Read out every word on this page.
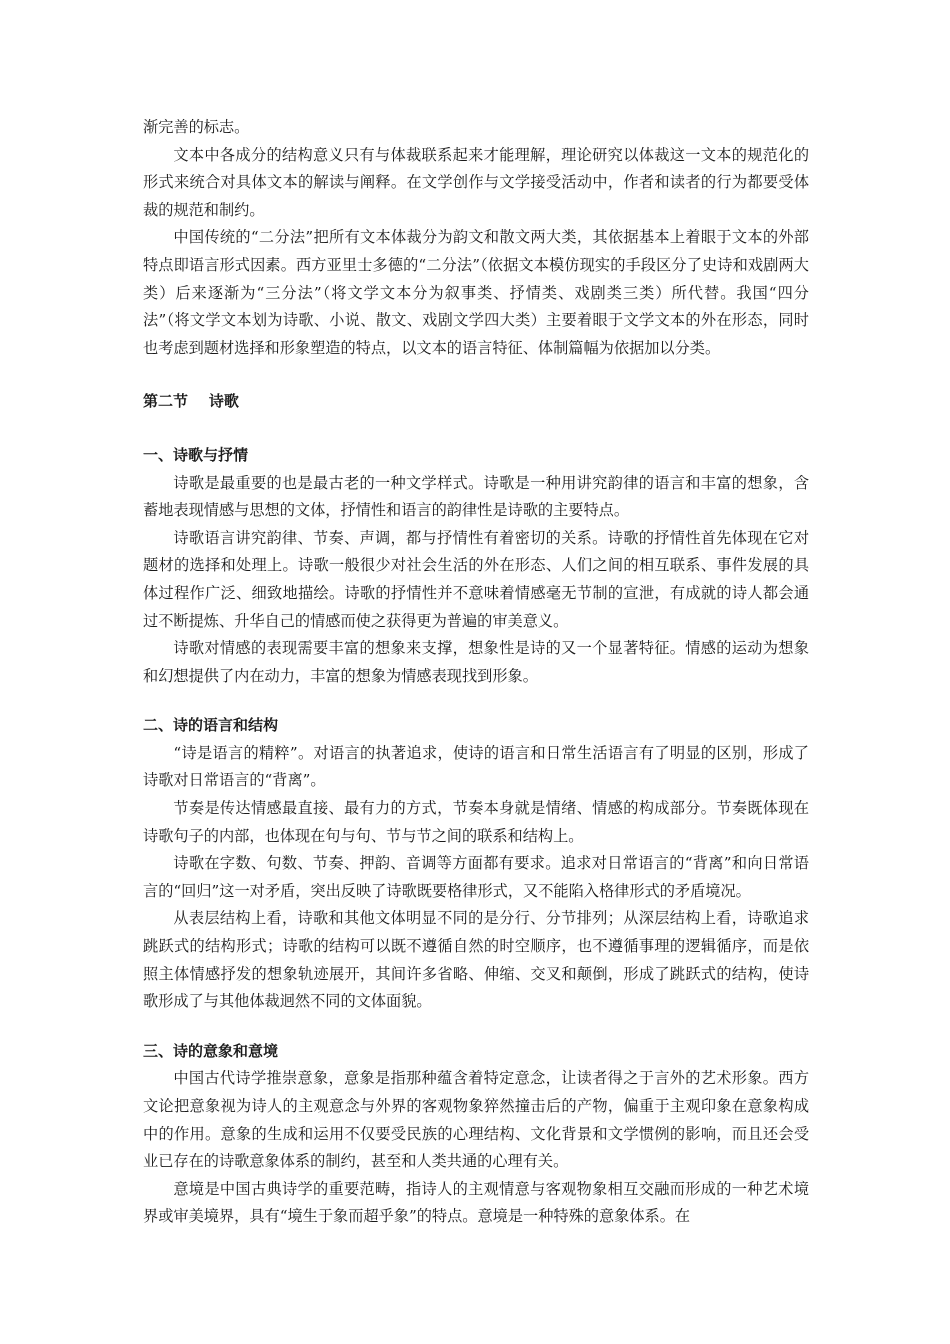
渐完善的标志。

文本中各成分的结构意义只有与体裁联系起来才能理解，理论研究以体裁这一文本的规范化的形式来统合对具体文本的解读与阐释。在文学创作与文学接受活动中，作者和读者的行为都要受体裁的规范和制约。

中国传统的“二分法”把所有文本体裁分为韵文和散文两大类，其依据基本上着眼于文本的外部特点即语言形式因素。西方亚里士多德的“二分法”（依据文本模仿现实的手段区分了史诗和戏剧两大类）后来逐渐为“三分法”（将文学文本分为叙事类、抒情类、戏剧类三类）所代替。我国“四分法”（将文学文本划为诗歌、小说、散文、戏剧文学四大类）主要着眼于文学文本的外在形态，同时也考虑到题材选择和形象塑造的特点，以文本的语言特征、体制篇幅为依据加以分类。

第二节    诗歌
一、诗歌与抒情

诗歌是最重要的也是最古老的一种文学样式。诗歌是一种用讲究韵律的语言和丰富的想象，含蓄地表现情感与思想的文体，抒情性和语言的韵律性是诗歌的主要特点。

诗歌语言讲究韵律、节奏、声调，都与抒情性有着密切的关系。诗歌的抒情性首先体现在它对题材的选择和处理上。诗歌一般很少对社会生活的外在形态、人们之间的相互联系、事件发展的具体过程作广泛、细致地描绘。诗歌的抒情性并不意味着情感毫无节制的宣泄，有成就的诗人都会通过不断提炼、升华自己的情感而使之获得更为普遍的审美意义。

诗歌对情感的表现需要丰富的想象来支撑，想象性是诗的又一个显著特征。情感的运动为想象和幻想提供了内在动力，丰富的想象为情感表现找到形象。

二、诗的语言和结构

“诗是语言的精粹”。对语言的执著追求，使诗的语言和日常生活语言有了明显的区别，形成了诗歌对日常语言的“背离”。

节奏是传达情感最直接、最有力的方式，节奏本身就是情绪、情感的构成部分。节奏既体现在诗歌句子的内部，也体现在句与句、节与节之间的联系和结构上。

诗歌在字数、句数、节奏、押韵、音调等方面都有要求。追求对日常语言的“背离”和向日常语言的“回归”这一对矛盾，突出反映了诗歌既要格律形式，又不能陷入格律形式的矛盾境况。

从表层结构上看，诗歌和其他文体明显不同的是分行、分节排列；从深层结构上看，诗歌追求跳跃式的结构形式；诗歌的结构可以既不遵循自然的时空顺序，也不遵循事理的逻辑循序，而是依照主体情感抒发的想象轨迹展开，其间许多省略、伸缩、交叉和颠倒，形成了跳跃式的结构，使诗歌形成了与其他体裁迥然不同的文体面貌。

三、诗的意象和意境

中国古代诗学推崇意象，意象是指那种蕴含着特定意念，让读者得之于言外的艺术形象。西方文论把意象视为诗人的主观意念与外界的客观物象猝然撞击后的产物，偏重于主观印象在意象构成中的作用。意象的生成和运用不仅要受民族的心理结构、文化背景和文学惯例的影响，而且还会受业已存在的诗歌意象体系的制约，甚至和人类共通的心理有关。

意境是中国古典诗学的重要范畴，指诗人的主观情意与客观物象相互交融而形成的一种艺术境界或审美境界，具有“境生于象而超乎象”的特点。意境是一种特殊的意象体系。在
